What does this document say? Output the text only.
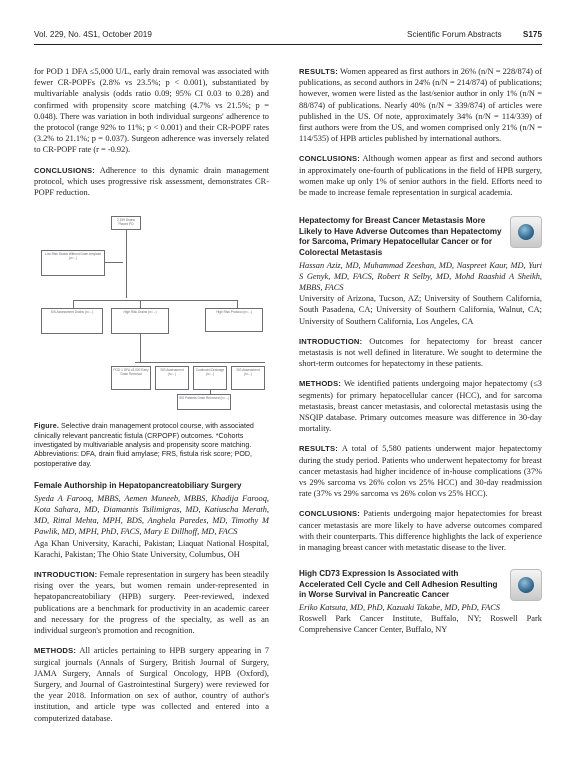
Vol. 229, No. 4S1, October 2019	Scientific Forum Abstracts	S175

for POD 1 DFA ≤5,000 U/L, early drain removal was associated with fewer CR-POPFs (2.8% vs 23.5%; p < 0.001), substantiated by multivariable analysis (odds ratio 0.09; 95% CI 0.03 to 0.28) and confirmed with propensity score matching (4.7% vs 21.5%; p = 0.048). There was variation in both individual surgeons' adherence to the protocol (range 92% to 11%; p < 0.001) and their CR-POPF rates (3.2% to 21.1%; p = 0.037). Surgeon adherence was inversely related to CR-POPF rate (r = -0.92).

CONCLUSIONS: Adherence to this dynamic drain management protocol, which uses progressive risk assessment, demonstrates CR-POPF reduction.

2,159 Drains Placed PD
Low Risk Drains Without Drain Amylase (n=...)
SIS Assessment Drains (n=...)	High Risk Drains (n=...)	High Risk Protocol (n=...)
POD 1 DFA ≤5,000 Early Drain Removal
SIS Assessment (n=...)
Continued Drainage (n=...)
SIS Assessment (n=...)
SIS Patients Drain Removed (n=...)

Figure. Selective drain management protocol course, with associated clinically relevant pancreatic fistula (CRPOPF) outcomes. *Cohorts investigated by multivariable analysis and propensity score matching. Abbreviations: DFA, drain fluid amylase; FRS, fistula risk score; POD, postoperative day.

Female Authorship in Hepatopancreatobiliary Surgery

Syeda A Farooq, MBBS, Aemen Muneeb, MBBS, Khadija Farooq, Kota Sahara, MD, Diamantis Tsilimigras, MD, Katiuscha Merath, MD, Rittal Mehta, MPH, BDS, Anghela Paredes, MD, Timothy M Pawlik, MD, MPH, PhD, FACS, Mary E Dillhoff, MD, FACS

Aga Khan University, Karachi, Pakistan; Liaquat National Hospital, Karachi, Pakistan; The Ohio State University, Columbus, OH

INTRODUCTION: Female representation in surgery has been steadily rising over the years, but women remain under-represented in hepatopancreatobiliary (HPB) surgery. Peer-reviewed, indexed publications are a benchmark for productivity in an academic career and necessary for the progress of the specialty, as well as an individual surgeon's promotion and recognition.

METHODS: All articles pertaining to HPB surgery appearing in 7 surgical journals (Annals of Surgery, British Journal of Surgery, JAMA Surgery, Annals of Surgical Oncology, HPB (Oxford), Surgery, and Journal of Gastrointestinal Surgery) were reviewed for the year 2018. Information on sex of author, country of author's institution, and article type was collected and entered into a computerized database.

RESULTS: Women appeared as first authors in 26% (n/N = 228/874) of publications, as second authors in 24% (n/N = 214/874) of publications; however, women were listed as the last/senior author in only 1% (n/N = 88/874) of publications. Nearly 40% (n/N = 339/874) of articles were published in the US. Of note, approximately 34% (n/N = 114/339) of first authors were from the US, and women comprised only 21% (n/N = 114/535) of HPB articles published by international authors.

CONCLUSIONS: Although women appear as first and second authors in approximately one-fourth of publications in the field of HPB surgery, women make up only 1% of senior authors in the field. Efforts need to be made to increase female representation in surgical academia.

Hepatectomy for Breast Cancer Metastasis More Likely to Have Adverse Outcomes than Hepatectomy for Sarcoma, Primary Hepatocellular Cancer or for Colorectal Metastasis

Hassan Aziz, MD, Muhammad Zeeshan, MD, Naspreet Kaur, MD, Yuri S Genyk, MD, FACS, Robert R Selby, MD, Mohd Raashid A Sheikh, MBBS, FACS

University of Arizona, Tucson, AZ; University of Southern California, South Pasadena, CA; University of Southern California, Walnut, CA; University of Southern California, Los Angeles, CA

INTRODUCTION: Outcomes for hepatectomy for breast cancer metastasis is not well defined in literature. We sought to determine the short-term outcomes for hepatectomy in these patients.

METHODS: We identified patients undergoing major hepatectomy (≤3 segments) for primary hepatocellular cancer (HCC), and for sarcoma metastasis, breast cancer metastasis, and colorectal metastasis using the NSQIP database. Primary outcomes measure was difference in 30-day mortality.

RESULTS: A total of 5,580 patients underwent major hepatectomy during the study period. Patients who underwent hepatectomy for breast cancer metastasis had higher incidence of in-house complications (37% vs 29% sarcoma vs 26% colon vs 25% HCC) and 30-day readmission rate (37% vs 29% sarcoma vs 26% colon vs 25% HCC).

CONCLUSIONS: Patients undergoing major hepatectomies for breast cancer metastasis are more likely to have adverse outcomes compared with their counterparts. This difference highlights the lack of experience in managing breast cancer with metastatic disease to the liver.

High CD73 Expression Is Associated with Accelerated Cell Cycle and Cell Adhesion Resulting in Worse Survival in Pancreatic Cancer

Eriko Katsuta, MD, PhD, Kazuaki Takabe, MD, PhD, FACS

Roswell Park Cancer Institute, Buffalo, NY; Roswell Park Comprehensive Cancer Center, Buffalo, NY
